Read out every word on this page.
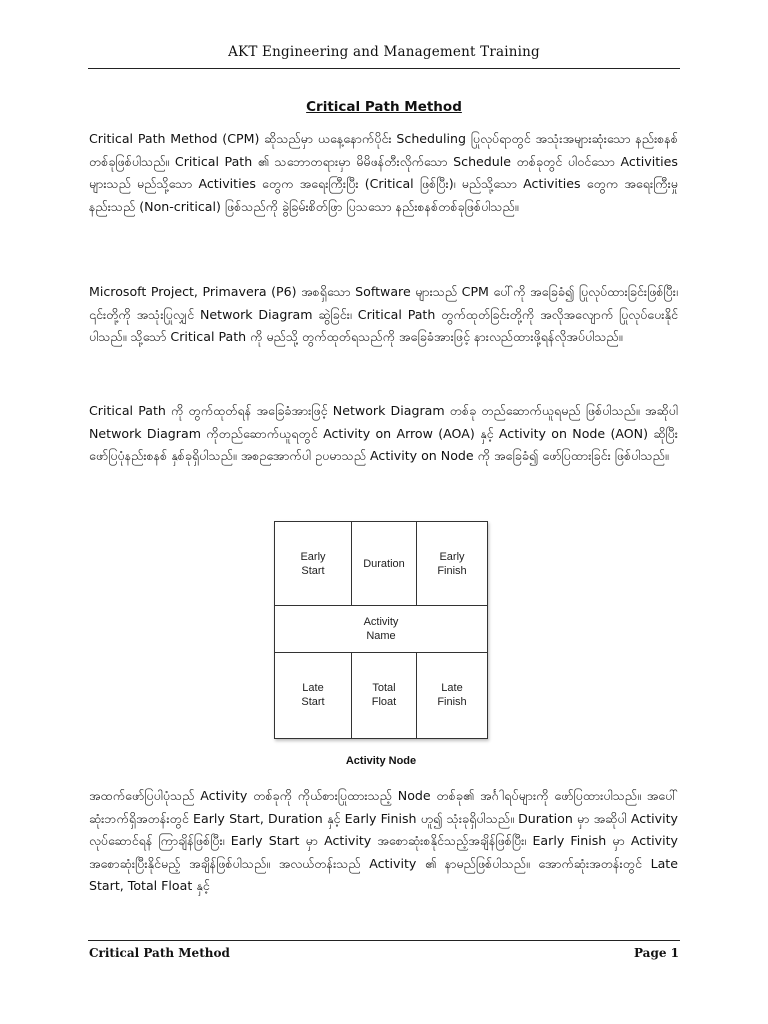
AKT Engineering and Management Training
Critical Path Method

Critical Path Method (CPM) ဆိုသည်မှာ ယနေ့နောက်ပိုင်း Scheduling ပြုလုပ်ရာတွင် အသုံးအများဆုံးသော နည်းစနစ်တစ်ခုဖြစ်ပါသည်။ Critical Path ၏ သဘောတရားမှာ မိမိဖန်တီးလိုက်သော Schedule တစ်ခုတွင် ပါဝင်သော Activities များသည် မည်သို့သော Activities တွေက အရေးကြီးပြီး (Critical ဖြစ်ပြီး)၊ မည်သို့သော Activities တွေက အရေးကြီးမှု နည်းသည် (Non-critical) ဖြစ်သည်ကို ခွဲခြမ်းစိတ်ဖြာ ပြသသော နည်းစနစ်တစ်ခုဖြစ်ပါသည်။

Microsoft Project, Primavera (P6) အစရှိသော Software များသည် CPM ပေါ်ကို အခြေခံ၍ ပြုလုပ်ထားခြင်းဖြစ်ပြီး၊ ၎င်းတို့ကို အသုံးပြုလျှင် Network Diagram ဆွဲခြင်း၊ Critical Path တွက်ထုတ်ခြင်းတို့ကို အလိုအလျောက် ပြုလုပ်ပေးနိုင်ပါသည်။ သို့သော် Critical Path ကို မည်သို့ တွက်ထုတ်ရသည်ကို အခြေခံအားဖြင့် နားလည်ထားဖို့ရန်လိုအပ်ပါသည်။

Critical Path ကို တွက်ထုတ်ရန် အခြေခံအားဖြင့် Network Diagram တစ်ခု တည်ဆောက်ယူရမည် ဖြစ်ပါသည်။ အဆိုပါ Network Diagram ကိုတည်ဆောက်ယူရတွင် Activity on Arrow (AOA) နှင့် Activity on Node (AON) ဆိုပြီး ဖော်ပြပုံနည်းစနစ် နှစ်ခုရှိပါသည်။ အစဉအောက်ပါ ဥပမာသည် Activity on Node ကို အခြေခံ၍ ဖော်ပြထားခြင်း ဖြစ်ပါသည်။

Early
Start
Duration
Early
Finish
Activity
Name
Late
Start
Total
Float
Late
Finish
Activity Node

အထက်ဖော်ပြပါပုံသည် Activity တစ်ခုကို ကိုယ်စားပြုထားသည့် Node တစ်ခု၏ အင်္ဂါရပ်များကို ဖော်ပြထားပါသည်။ အပေါ်ဆုံးဘက်ရှိအတန်းတွင် Early Start, Duration နှင့် Early Finish ဟူ၍ သုံးခုရှိပါသည်။ Duration မှာ အဆိုပါ Activity လုပ်ဆောင်ရန် ကြာချိန်ဖြစ်ပြီး၊ Early Start မှာ Activity အစောဆုံးစနိုင်သည့်အချိန်ဖြစ်ပြီး၊ Early Finish မှာ Activity အစောဆုံးပြီးနိုင်မည့် အချိန်ဖြစ်ပါသည်။ အလယ်တန်းသည် Activity ၏ နာမည်ဖြစ်ပါသည်။ အောက်ဆုံးအတန်းတွင် Late Start, Total Float နှင့်

Critical Path Method	Page 1
